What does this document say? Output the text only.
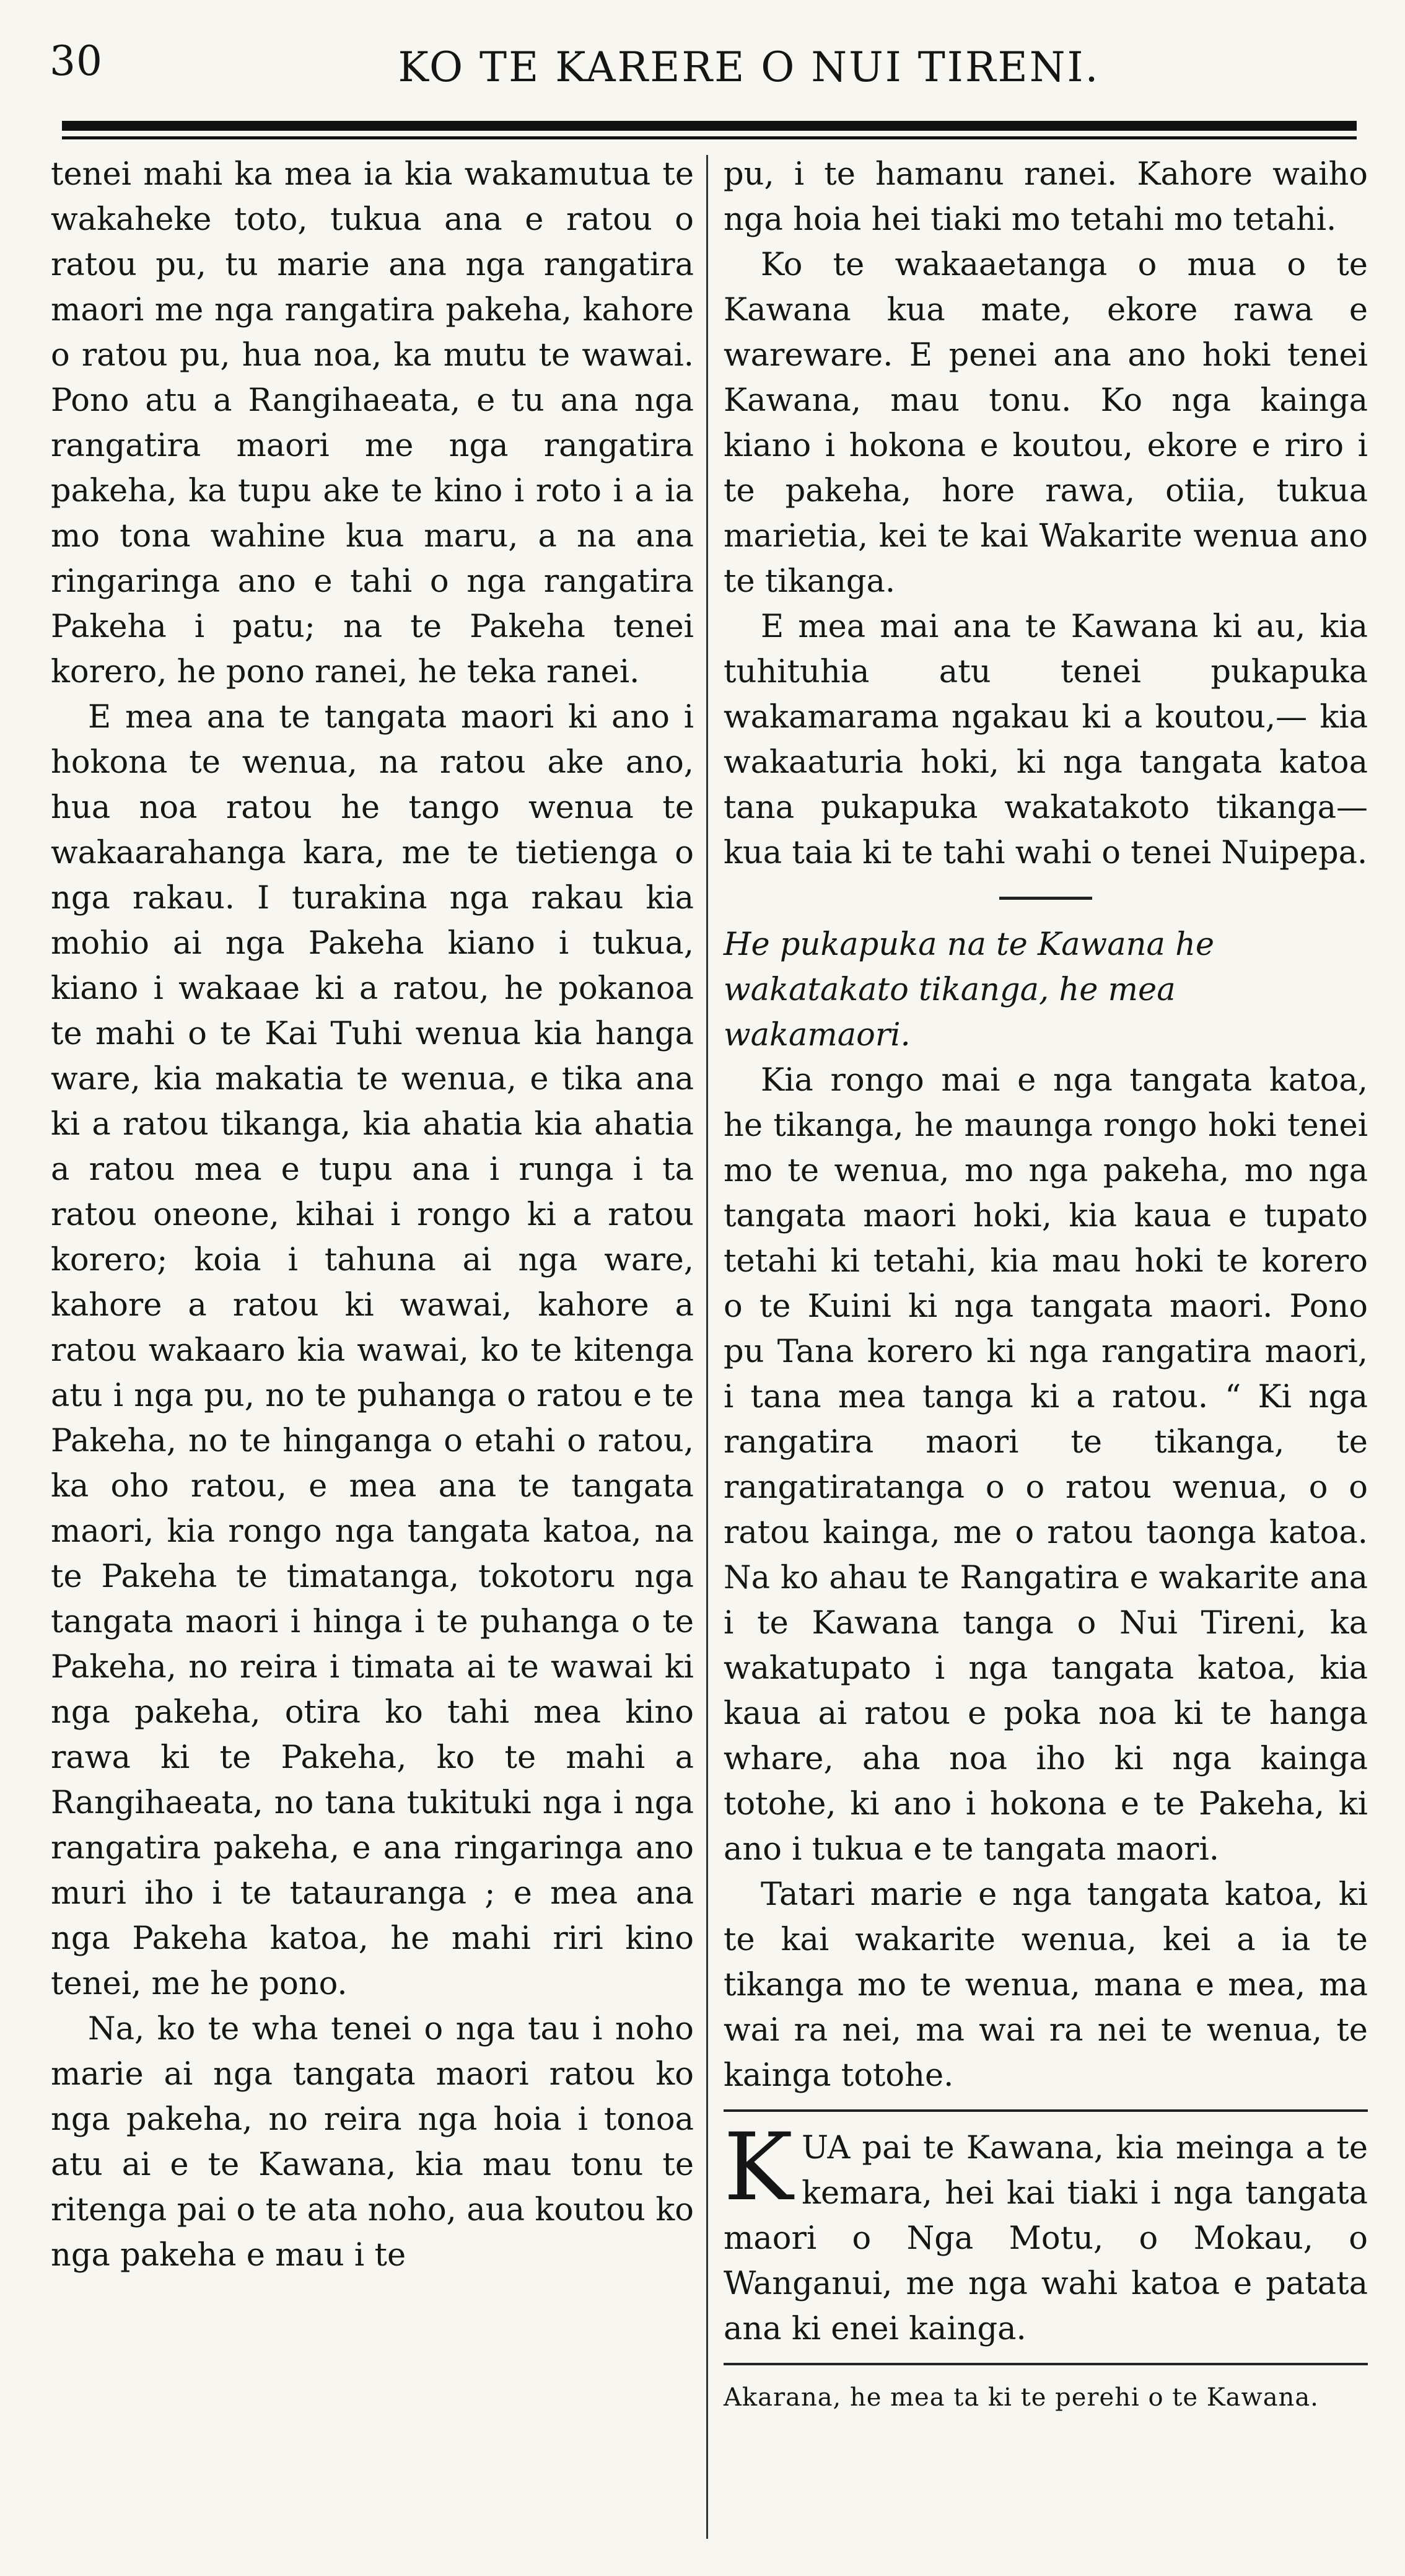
30	KO TE KARERE O NUI TIRENI.

tenei mahi ka mea ia kia wakamutua te wakaheke toto, tukua ana e ratou o ratou pu, tu marie ana nga rangatira maori me nga rangatira pakeha, kahore o ratou pu, hua noa, ka mutu te wawai. Pono atu a Rangihaeata, e tu ana nga rangatira maori me nga rangatira pakeha, ka tupu ake te kino i roto i a ia mo tona wahine kua maru, a na ana ringaringa ano e tahi o nga rangatira Pakeha i patu; na te Pakeha tenei korero, he pono ranei, he teka ranei.

E mea ana te tangata maori ki ano i hokona te wenua, na ratou ake ano, hua noa ratou he tango wenua te wakaarahanga kara, me te tietienga o nga rakau. I turakina nga rakau kia mohio ai nga Pakeha kiano i tukua, kiano i wakaae ki a ratou, he pokanoa te mahi o te Kai Tuhi wenua kia hanga ware, kia makatia te wenua, e tika ana ki a ratou tikanga, kia ahatia kia ahatia a ratou mea e tupu ana i runga i ta ratou oneone, kihai i rongo ki a ratou korero; koia i tahuna ai nga ware, kahore a ratou ki wawai, kahore a ratou wakaaro kia wawai, ko te kitenga atu i nga pu, no te puhanga o ratou e te Pakeha, no te hinganga o etahi o ratou, ka oho ratou, e mea ana te tangata maori, kia rongo nga tangata katoa, na te Pakeha te timatanga, tokotoru nga tangata maori i hinga i te puhanga o te Pakeha, no reira i timata ai te wawai ki nga pakeha, otira ko tahi mea kino rawa ki te Pakeha, ko te mahi a Rangihaeata, no tana tukituki nga i nga rangatira pakeha, e ana ringaringa ano muri iho i te tatauranga ; e mea ana nga Pakeha katoa, he mahi riri kino tenei, me he pono.

Na, ko te wha tenei o nga tau i noho marie ai nga tangata maori ratou ko nga pakeha, no reira nga hoia i tonoa atu ai e te Kawana, kia mau tonu te ritenga pai o te ata noho, aua koutou ko nga pakeha e mau i te

pu, i te hamanu ranei. Kahore waiho nga hoia hei tiaki mo tetahi mo tetahi.

Ko te wakaaetanga o mua o te Kawana kua mate, ekore rawa e wareware. E penei ana ano hoki tenei Kawana, mau tonu. Ko nga kainga kiano i hokona e koutou, ekore e riro i te pakeha, hore rawa, otiia, tukua marietia, kei te kai Wakarite wenua ano te tikanga.

E mea mai ana te Kawana ki au, kia tuhituhia atu tenei pukapuka wakamarama ngakau ki a koutou,— kia wakaaturia hoki, ki nga tangata katoa tana pukapuka wakatakoto tikanga—kua taia ki te tahi wahi o tenei Nuipepa.

He pukapuka na te Kawana he wakatakato tikanga, he mea wakamaori.

Kia rongo mai e nga tangata katoa, he tikanga, he maunga rongo hoki tenei mo te wenua, mo nga pakeha, mo nga tangata maori hoki, kia kaua e tupato tetahi ki tetahi, kia mau hoki te korero o te Kuini ki nga tangata maori. Pono pu Tana korero ki nga rangatira maori, i tana mea tanga ki a ratou. “ Ki nga rangatira maori te tikanga, te rangatiratanga o o ratou wenua, o o ratou kainga, me o ratou taonga katoa. Na ko ahau te Rangatira e wakarite ana i te Kawana tanga o Nui Tireni, ka wakatupato i nga tangata katoa, kia kaua ai ratou e poka noa ki te hanga whare, aha noa iho ki nga kainga totohe, ki ano i hokona e te Pakeha, ki ano i tukua e te tangata maori.

Tatari marie e nga tangata katoa, ki te kai wakarite wenua, kei a ia te tikanga mo te wenua, mana e mea, ma wai ra nei, ma wai ra nei te wenua, te kainga totohe.

K UA pai te Kawana, kia meinga a te kemara, hei kai tiaki i nga tangata maori o Nga Motu, o Mokau, o Wanganui, me nga wahi katoa e patata ana ki enei kainga.
Akarana, he mea ta ki te perehi o te Kawana.
